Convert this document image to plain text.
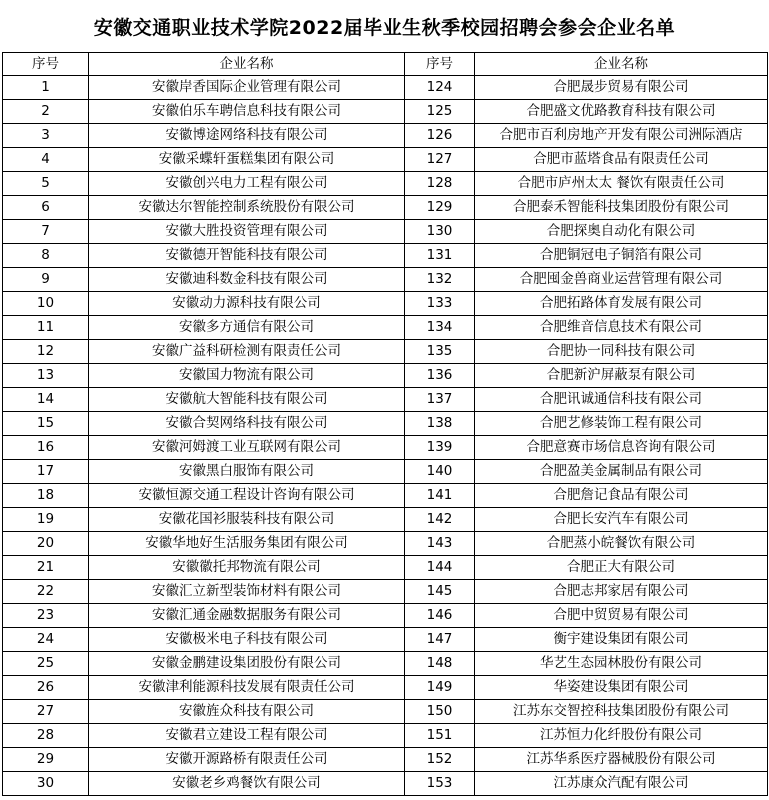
安徽交通职业技术学院2022届毕业生秋季校园招聘会参会企业名单
序号	企业名称	序号	企业名称
1	安徽岸香国际企业管理有限公司	124	合肥晟步贸易有限公司
2	安徽伯乐车聘信息科技有限公司	125	合肥盛文优路教育科技有限公司
3	安徽博途网络科技有限公司	126	合肥市百利房地产开发有限公司洲际酒店
4	安徽采蝶轩蛋糕集团有限公司	127	合肥市蓝塔食品有限责任公司
5	安徽创兴电力工程有限公司	128	合肥市庐州太太 餐饮有限责任公司
6	安徽达尔智能控制系统股份有限公司	129	合肥泰禾智能科技集团股份有限公司
7	安徽大胜投资管理有限公司	130	合肥探奥自动化有限公司
8	安徽德开智能科技有限公司	131	合肥铜冠电子铜箔有限公司
9	安徽迪科数金科技有限公司	132	合肥囤金兽商业运营管理有限公司
10	安徽动力源科技有限公司	133	合肥拓路体育发展有限公司
11	安徽多方通信有限公司	134	合肥维音信息技术有限公司
12	安徽广益科研检测有限责任公司	135	合肥协一同科技有限公司
13	安徽国力物流有限公司	136	合肥新沪屏蔽泵有限公司
14	安徽航大智能科技有限公司	137	合肥讯诚通信科技有限公司
15	安徽合契网络科技有限公司	138	合肥艺修装饰工程有限公司
16	安徽河姆渡工业互联网有限公司	139	合肥意赛市场信息咨询有限公司
17	安徽黑白服饰有限公司	140	合肥盈美金属制品有限公司
18	安徽恒源交通工程设计咨询有限公司	141	合肥詹记食品有限公司
19	安徽花国衫服装科技有限公司	142	合肥长安汽车有限公司
20	安徽华地好生活服务集团有限公司	143	合肥蒸小皖餐饮有限公司
21	安徽徽托邦物流有限公司	144	合肥正大有限公司
22	安徽汇立新型装饰材料有限公司	145	合肥志邦家居有限公司
23	安徽汇通金融数据服务有限公司	146	合肥中贸贸易有限公司
24	安徽极米电子科技有限公司	147	衡宇建设集团有限公司
25	安徽金鹏建设集团股份有限公司	148	华艺生态园林股份有限公司
26	安徽津利能源科技发展有限责任公司	149	华姿建设集团有限公司
27	安徽旌众科技有限公司	150	江苏东交智控科技集团股份有限公司
28	安徽君立建设工程有限公司	151	江苏恒力化纤股份有限公司
29	安徽开源路桥有限责任公司	152	江苏华系医疗器械股份有限公司
30	安徽老乡鸡餐饮有限公司	153	江苏康众汽配有限公司
